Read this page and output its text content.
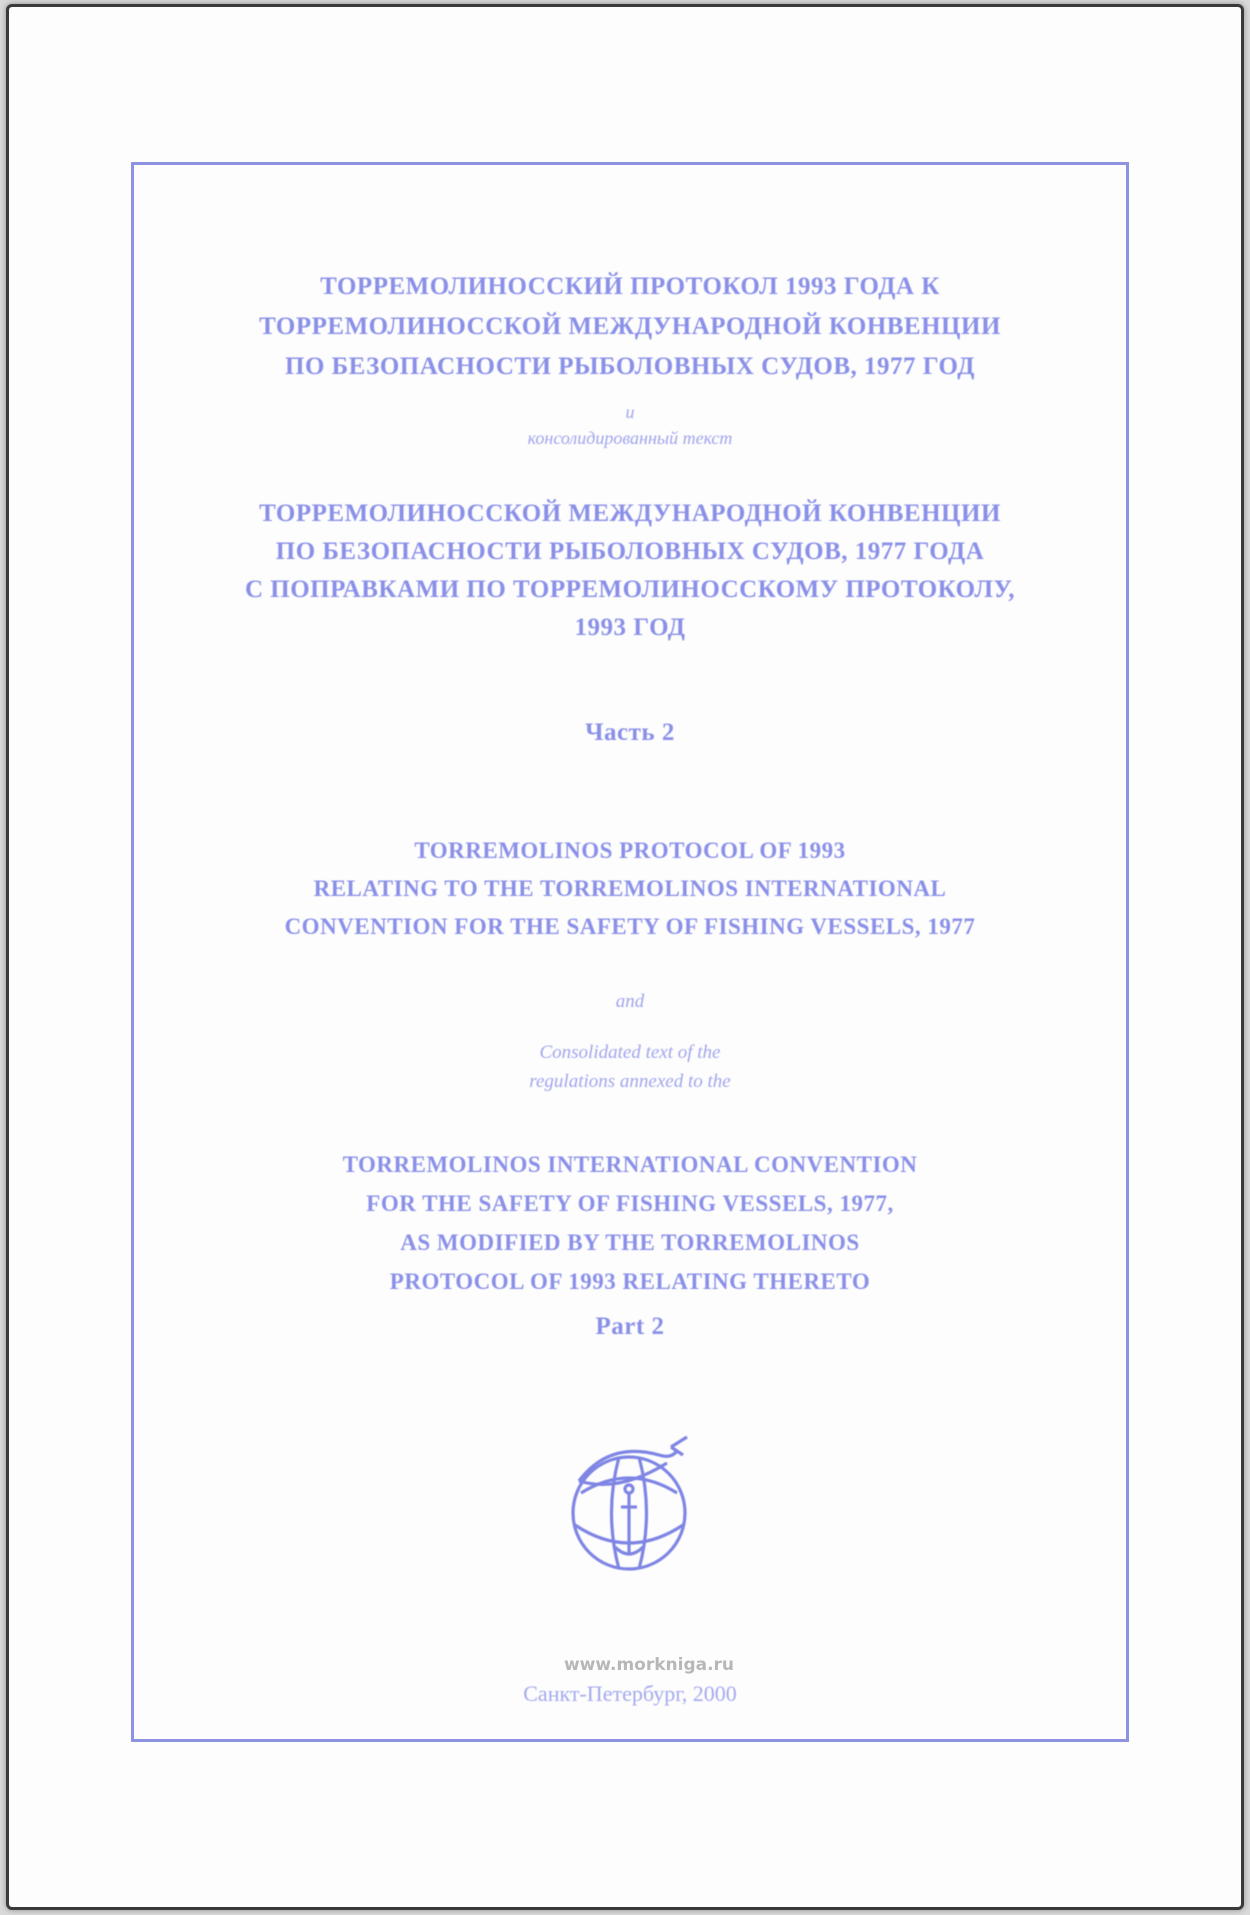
ТОРРЕМОЛИНОССКИЙ ПРОТОКОЛ 1993 ГОДА К
ТОРРЕМОЛИНОССКОЙ МЕЖДУНАРОДНОЙ КОНВЕНЦИИ
ПО БЕЗОПАСНОСТИ РЫБОЛОВНЫХ СУДОВ, 1977 ГОД
и
консолидированный текст
ТОРРЕМОЛИНОССКОЙ МЕЖДУНАРОДНОЙ КОНВЕНЦИИ
ПО БЕЗОПАСНОСТИ РЫБОЛОВНЫХ СУДОВ, 1977 ГОДА
С ПОПРАВКАМИ ПО ТОРРЕМОЛИНОССКОМУ ПРОТОКОЛУ,
1993 ГОД
Часть 2
TORREMOLINOS PROTOCOL OF 1993
RELATING TO THE TORREMOLINOS INTERNATIONAL
CONVENTION FOR THE SAFETY OF FISHING VESSELS, 1977
and
Consolidated text of the
regulations annexed to the
TORREMOLINOS INTERNATIONAL CONVENTION
FOR THE SAFETY OF FISHING VESSELS, 1977,
AS MODIFIED BY THE TORREMOLINOS
PROTOCOL OF 1993 RELATING THERETO
Part 2
www.morkniga.ru
Санкт-Петербург, 2000
